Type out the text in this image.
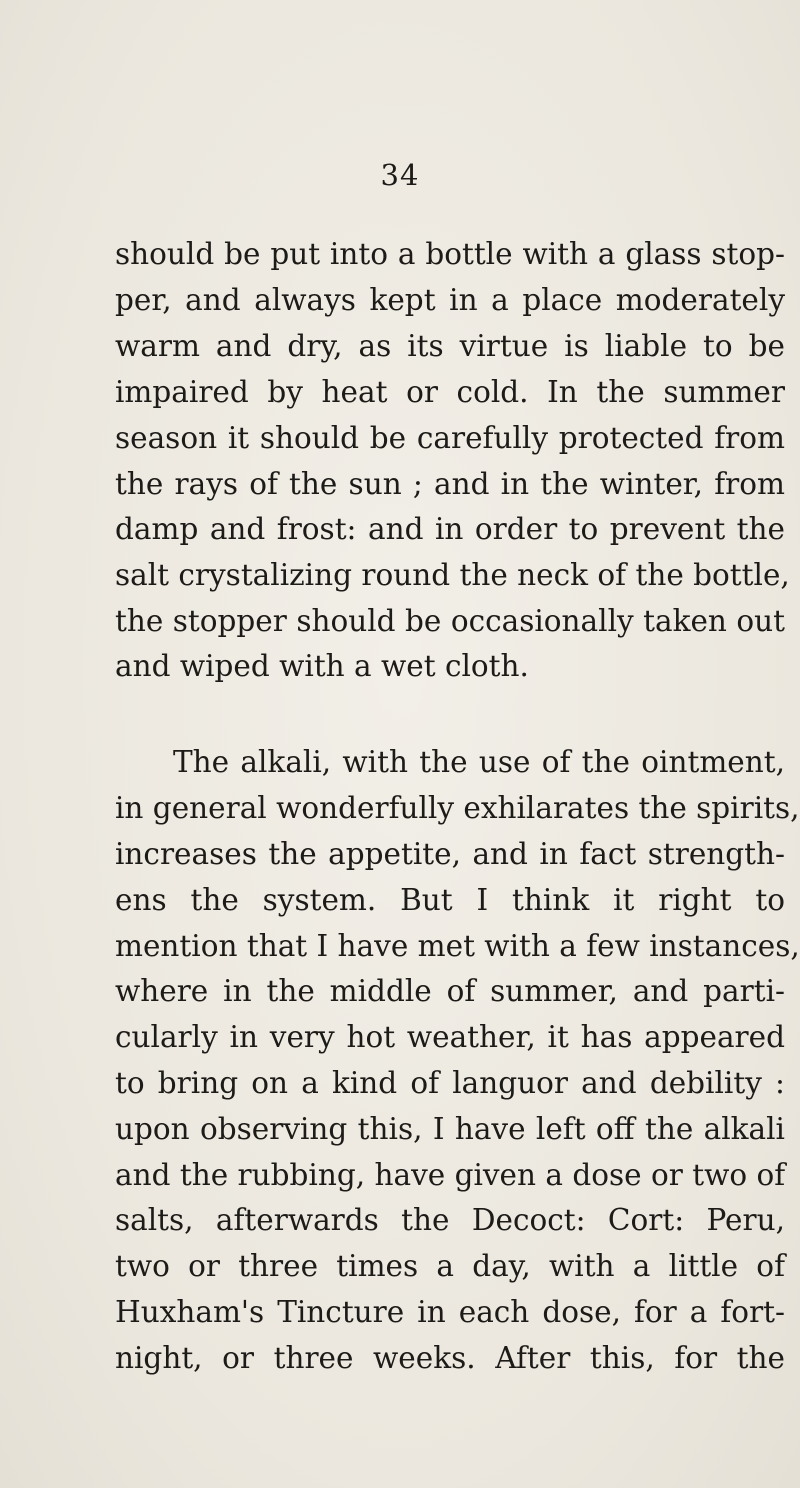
34
should be put into a bottle with a glass stop-
per, and always kept in a place moderately
warm and dry, as its virtue is liable to be
impaired by heat or cold. In the summer
season it should be carefully protected from
the rays of the sun ; and in the winter, from
damp and frost: and in order to prevent the
salt crystalizing round the neck of the bottle,
the stopper should be occasionally taken out
and wiped with a wet cloth.
The alkali, with the use of the ointment,
in general wonderfully exhilarates the spirits,
increases the appetite, and in fact strength-
ens the system. But I think it right to
mention that I have met with a few instances,
where in the middle of summer, and parti-
cularly in very hot weather, it has appeared
to bring on a kind of languor and debility :
upon observing this, I have left off the alkali
and the rubbing, have given a dose or two of
salts, afterwards the Decoct: Cort: Peru,
two or three times a day, with a little of
Huxham's Tincture in each dose, for a fort-
night, or three weeks. After this, for the
